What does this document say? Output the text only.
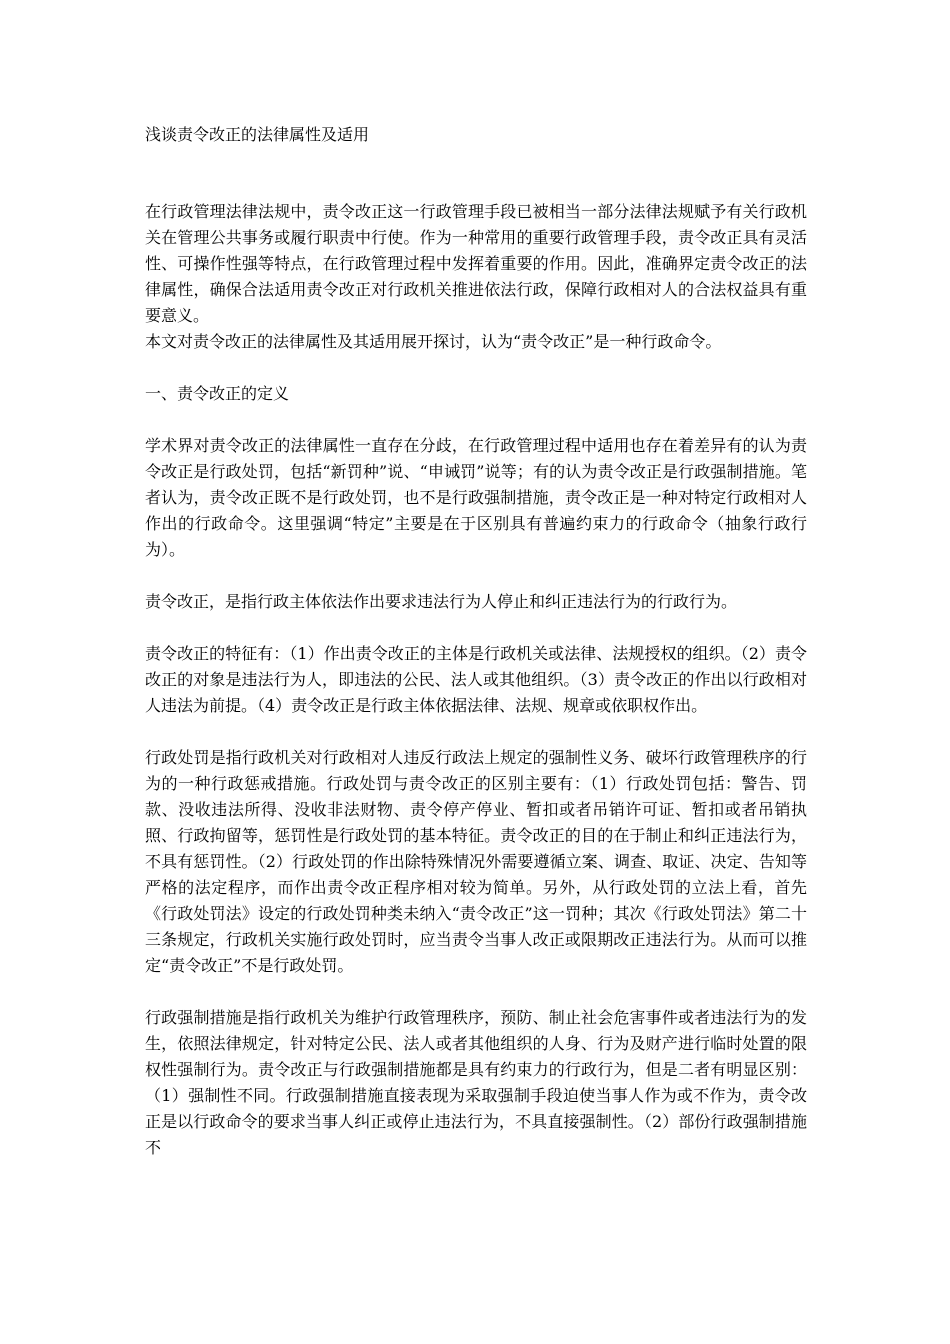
浅谈责令改正的法律属性及适用

在行政管理法律法规中，责令改正这一行政管理手段已被相当一部分法律法规赋予有关行政机关在管理公共事务或履行职责中行使。作为一种常用的重要行政管理手段，责令改正具有灵活性、可操作性强等特点，在行政管理过程中发挥着重要的作用。因此，准确界定责令改正的法律属性，确保合法适用责令改正对行政机关推进依法行政，保障行政相对人的合法权益具有重要意义。

本文对责令改正的法律属性及其适用展开探讨，认为“责令改正”是一种行政命令。

一、责令改正的定义

学术界对责令改正的法律属性一直存在分歧，在行政管理过程中适用也存在着差异有的认为责令改正是行政处罚，包括“新罚种”说、“申诫罚”说等；有的认为责令改正是行政强制措施。笔者认为，责令改正既不是行政处罚，也不是行政强制措施，责令改正是一种对特定行政相对人作出的行政命令。这里强调“特定”主要是在于区别具有普遍约束力的行政命令（抽象行政行为）。

责令改正，是指行政主体依法作出要求违法行为人停止和纠正违法行为的行政行为。

责令改正的特征有：（1）作出责令改正的主体是行政机关或法律、法规授权的组织。（2）责令改正的对象是违法行为人，即违法的公民、法人或其他组织。（3）责令改正的作出以行政相对人违法为前提。（4）责令改正是行政主体依据法律、法规、规章或依职权作出。

行政处罚是指行政机关对行政相对人违反行政法上规定的强制性义务、破坏行政管理秩序的行为的一种行政惩戒措施。行政处罚与责令改正的区别主要有：（1）行政处罚包括：警告、罚款、没收违法所得、没收非法财物、责令停产停业、暂扣或者吊销许可证、暂扣或者吊销执照、行政拘留等，惩罚性是行政处罚的基本特征。责令改正的目的在于制止和纠正违法行为，不具有惩罚性。（2）行政处罚的作出除特殊情况外需要遵循立案、调查、取证、决定、告知等严格的法定程序，而作出责令改正程序相对较为简单。另外，从行政处罚的立法上看，首先《行政处罚法》设定的行政处罚种类未纳入“责令改正”这一罚种；其次《行政处罚法》第二十三条规定，行政机关实施行政处罚时，应当责令当事人改正或限期改正违法行为。从而可以推定“责令改正”不是行政处罚。

行政强制措施是指行政机关为维护行政管理秩序，预防、制止社会危害事件或者违法行为的发生，依照法律规定，针对特定公民、法人或者其他组织的人身、行为及财产进行临时处置的限权性强制行为。责令改正与行政强制措施都是具有约束力的行政行为，但是二者有明显区别：（1）强制性不同。行政强制措施直接表现为采取强制手段迫使当事人作为或不作为，责令改正是以行政命令的要求当事人纠正或停止违法行为，不具直接强制性。（2）部份行政强制措施不
